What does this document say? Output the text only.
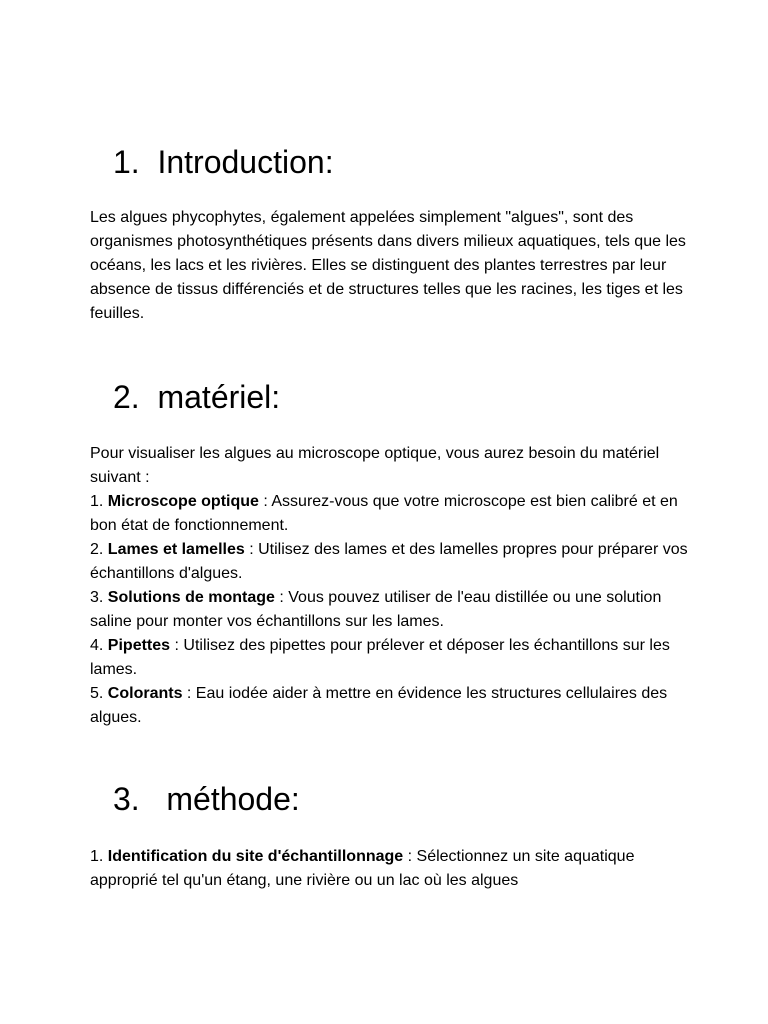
1. Introduction:

Les algues phycophytes, également appelées simplement "algues", sont des organismes photosynthétiques présents dans divers milieux aquatiques, tels que les océans, les lacs et les rivières. Elles se distinguent des plantes terrestres par leur absence de tissus différenciés et de structures telles que les racines, les tiges et les feuilles.

2. matériel:

Pour visualiser les algues au microscope optique, vous aurez besoin du matériel suivant :

1. Microscope optique : Assurez-vous que votre microscope est bien calibré et en bon état de fonctionnement.
2. Lames et lamelles : Utilisez des lames et des lamelles propres pour préparer vos échantillons d'algues.
3. Solutions de montage : Vous pouvez utiliser de l'eau distillée ou une solution saline pour monter vos échantillons sur les lames.
4. Pipettes : Utilisez des pipettes pour prélever et déposer les échantillons sur les lames.
5. Colorants : Eau iodée aider à mettre en évidence les structures cellulaires des algues.
3. méthode:
1. Identification du site d'échantillonnage : Sélectionnez un site aquatique approprié tel qu'un étang, une rivière ou un lac où les algues
